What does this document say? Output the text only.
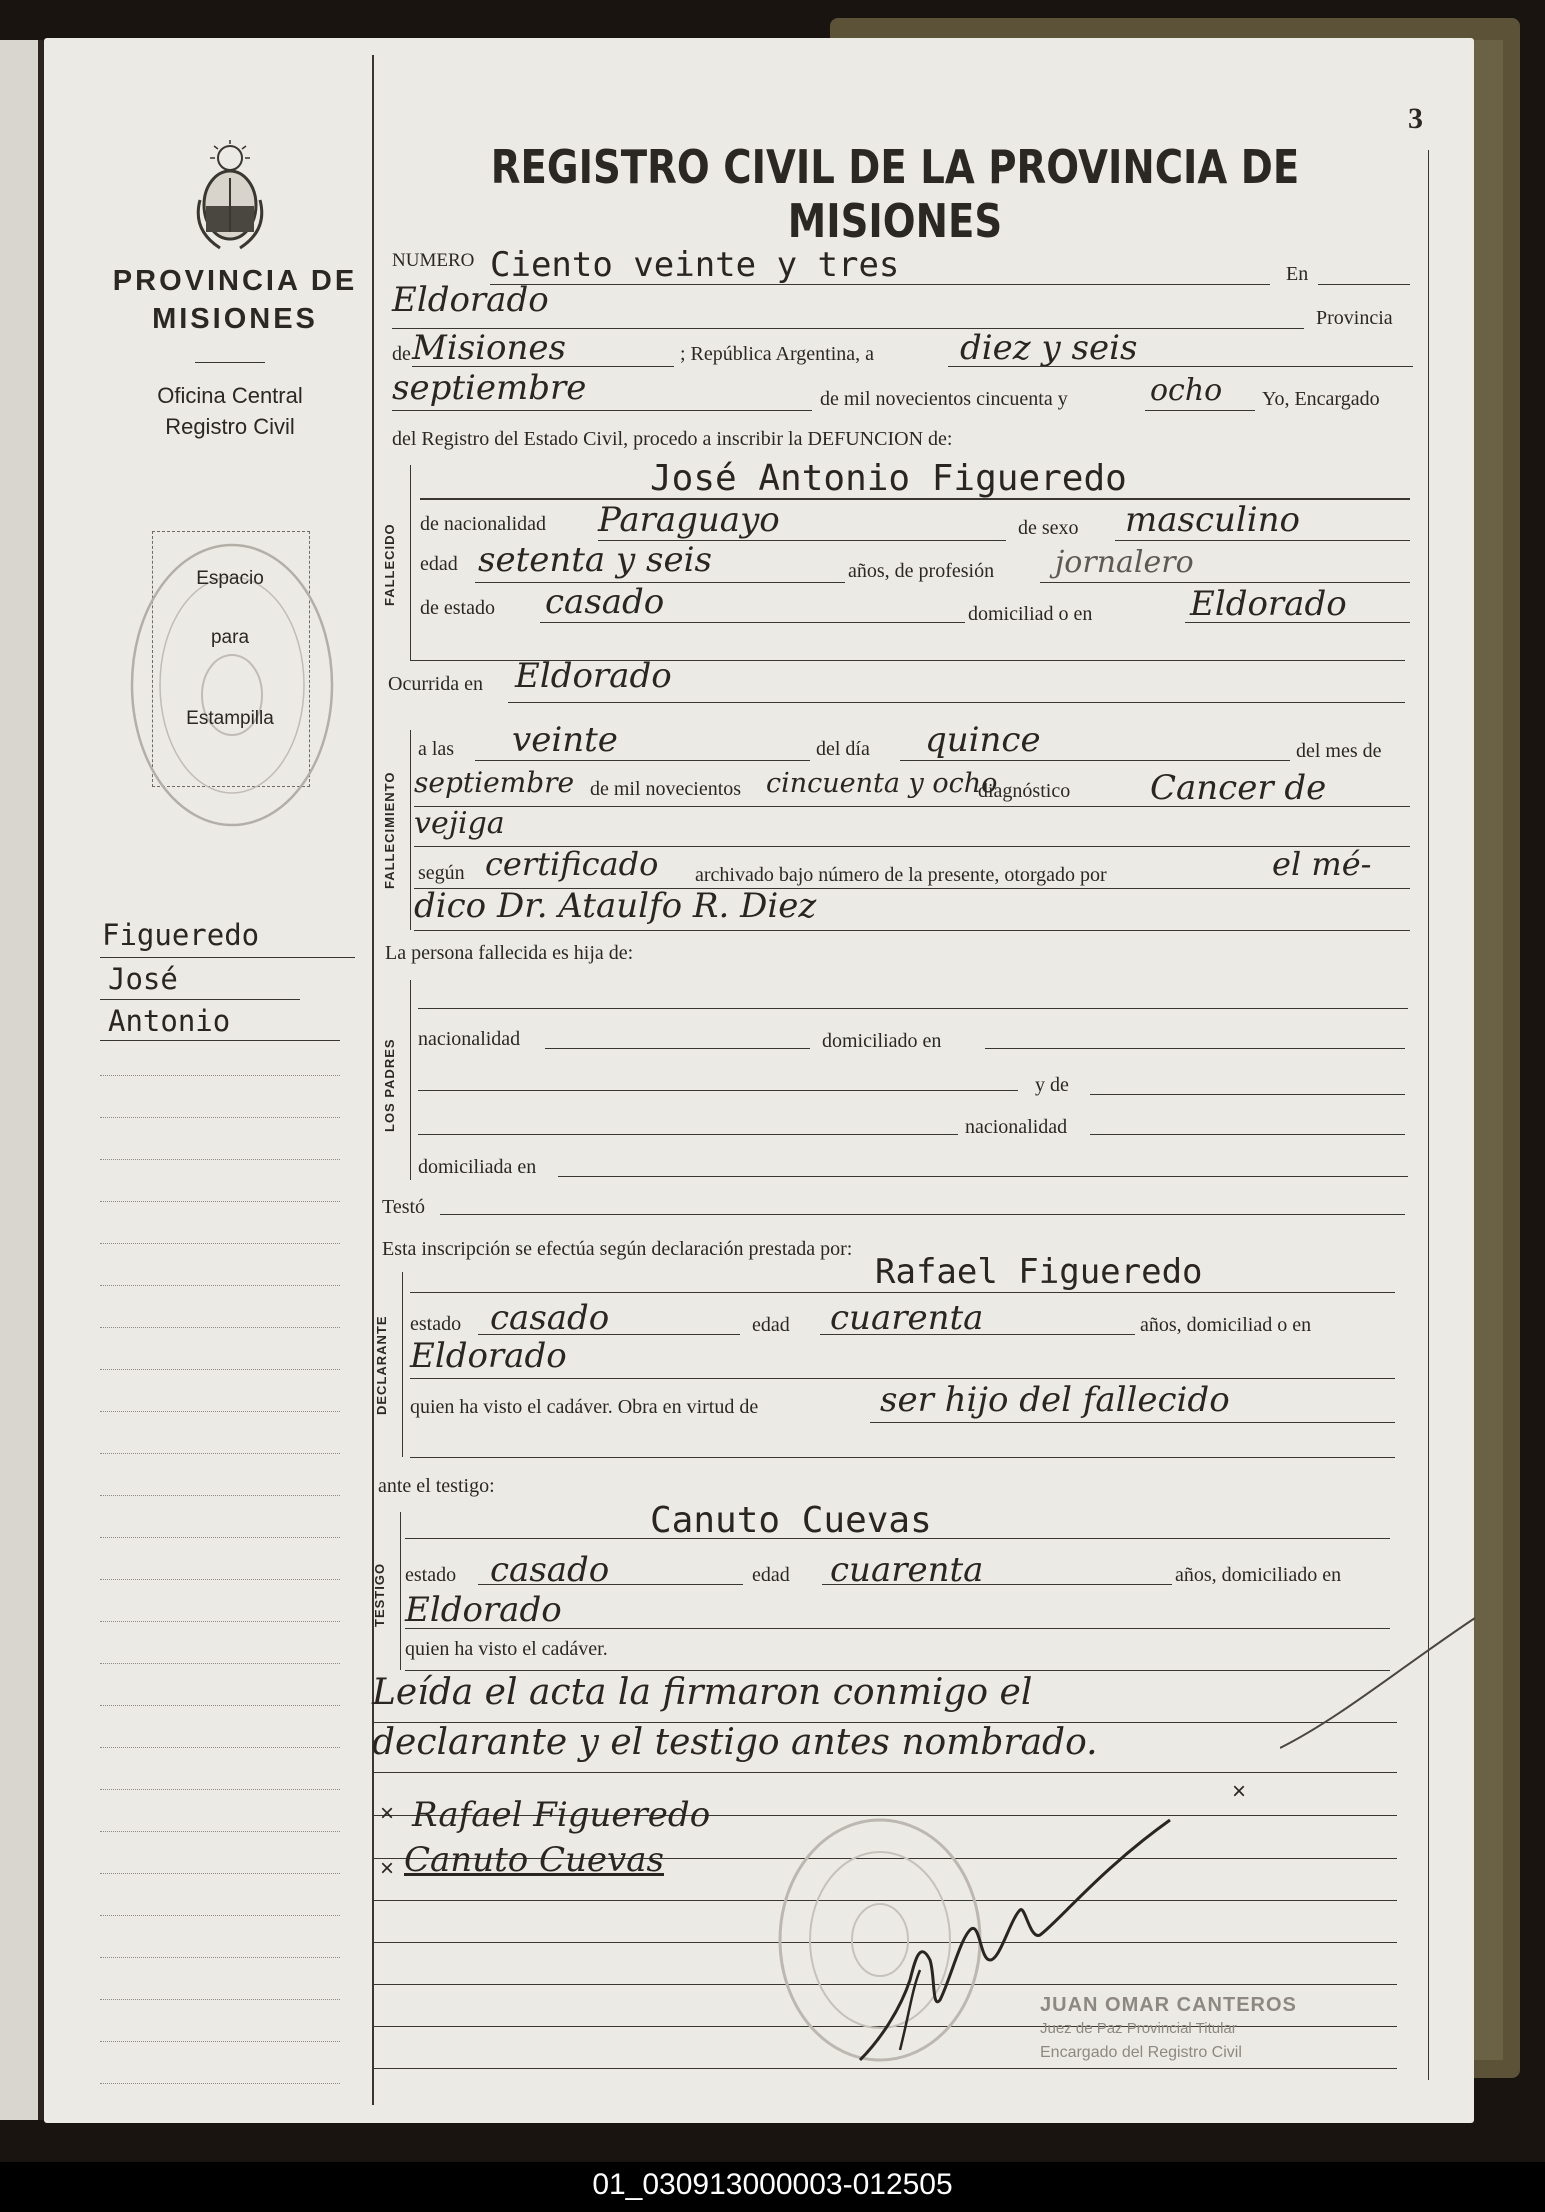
3
PROVINCIA DE MISIONES
Oficina Central
Registro Civil
Espacio
para
Estampilla
Figueredo
José
Antonio
REGISTRO CIVIL DE LA PROVINCIA DE MISIONES
NUMERO Ciento veinte y tres	En
Eldorado	Provincia
de Misiones	; República Argentina, a	diez y seis
septiembre	de mil novecientos cincuenta y	ocho Yo, Encargado
del Registro del Estado Civil, procedo a inscribir la DEFUNCION de:
FALLECIDO
José Antonio Figueredo
de nacionalidad Paraguayo	de sexo masculino
edad setenta y seis	años, de profesión jornalero
de estado casado	domiciliad o en	Eldorado
Ocurrida en Eldorado
FALLECIMIENTO
a las veinte	del día quince	del mes de
septiembre de mil novecientos cincuenta y ocho
diagnóstico Cancer de
vejiga
según certificado archivado bajo número de la presente, otorgado por	el mé-
dico Dr. Ataulfo R. Diez
La persona fallecida es hija de:
LOS PADRES	nacionalidad	domiciliado en
y de
nacionalidad
domiciliada en
Testó
Esta inscripción se efectúa según declaración prestada por:
DECLARANTE
Rafael Figueredo
estado casado	edad cuarenta	años, domiciliad o en
Eldorado
quien ha visto el cadáver. Obra en virtud de	ser hijo del fallecido
ante el testigo:
TESTIGO
Canuto Cuevas
estado casado	edad cuarenta	años, domiciliado en
Eldorado
quien ha visto el cadáver.
Leída el acta la firmaron conmigo el
declarante y el testigo antes nombrado.
Rafael Figueredo
Canuto Cuevas
×
×
×
JUAN OMAR CANTEROS
Juez de Paz Provincial Titular
Encargado del Registro Civil
01_030913000003-012505
